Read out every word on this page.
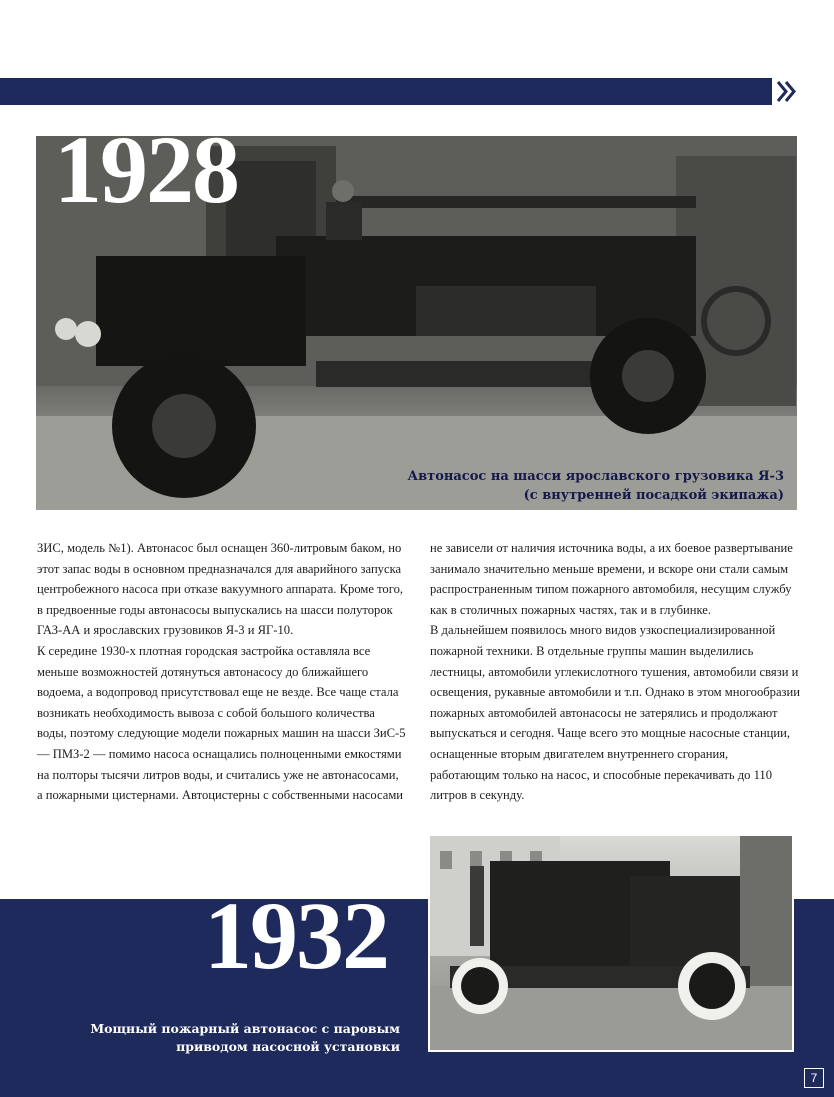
1928
Автонасос на шасси ярославского грузовика Я-3
(с внутренней посадкой экипажа)

ЗИС, модель №1). Автонасос был оснащен 360-литровым баком, но этот запас воды в основном предназначался для аварийного запуска центробежного насоса при отказе вакуумного аппарата. Кроме того, в предвоенные годы автонасосы выпускались на шасси полуторок ГАЗ-АА и ярославских грузовиков Я-3 и ЯГ-10.

К середине 1930-х плотная городская застройка оставляла все меньше возможностей дотянуться автонасосу до ближайшего водоема, а водопровод присутствовал еще не везде. Все чаще стала возникать необходимость вывоза с собой большого количества воды, поэтому следующие модели пожарных машин на шасси ЗиС-5 — ПМЗ-2 — помимо насоса оснащались полноценными емкостями на полторы тысячи литров воды, и считались уже не автонасосами, а пожарными цистернами. Автоцистерны с собственными насосами

не зависели от наличия источника воды, а их боевое развертывание занимало значительно меньше времени, и вскоре они стали самым распространенным типом пожарного автомобиля, несущим службу как в столичных пожарных частях, так и в глубинке.

В дальнейшем появилось много видов узкоспециализированной пожарной техники. В отдельные группы машин выделились лестницы, автомобили углекислотного тушения, автомобили связи и освещения, рукавные автомобили и т.п. Однако в этом многообразии пожарных автомобилей автонасосы не затерялись и продолжают выпускаться и сегодня. Чаще всего это мощные насосные станции, оснащенные вторым двигателем внутреннего сгорания, работающим только на насос, и способные перекачивать до 110 литров в секунду.

1932
Мощный пожарный автонасос с паровым приводом насосной установки
7
